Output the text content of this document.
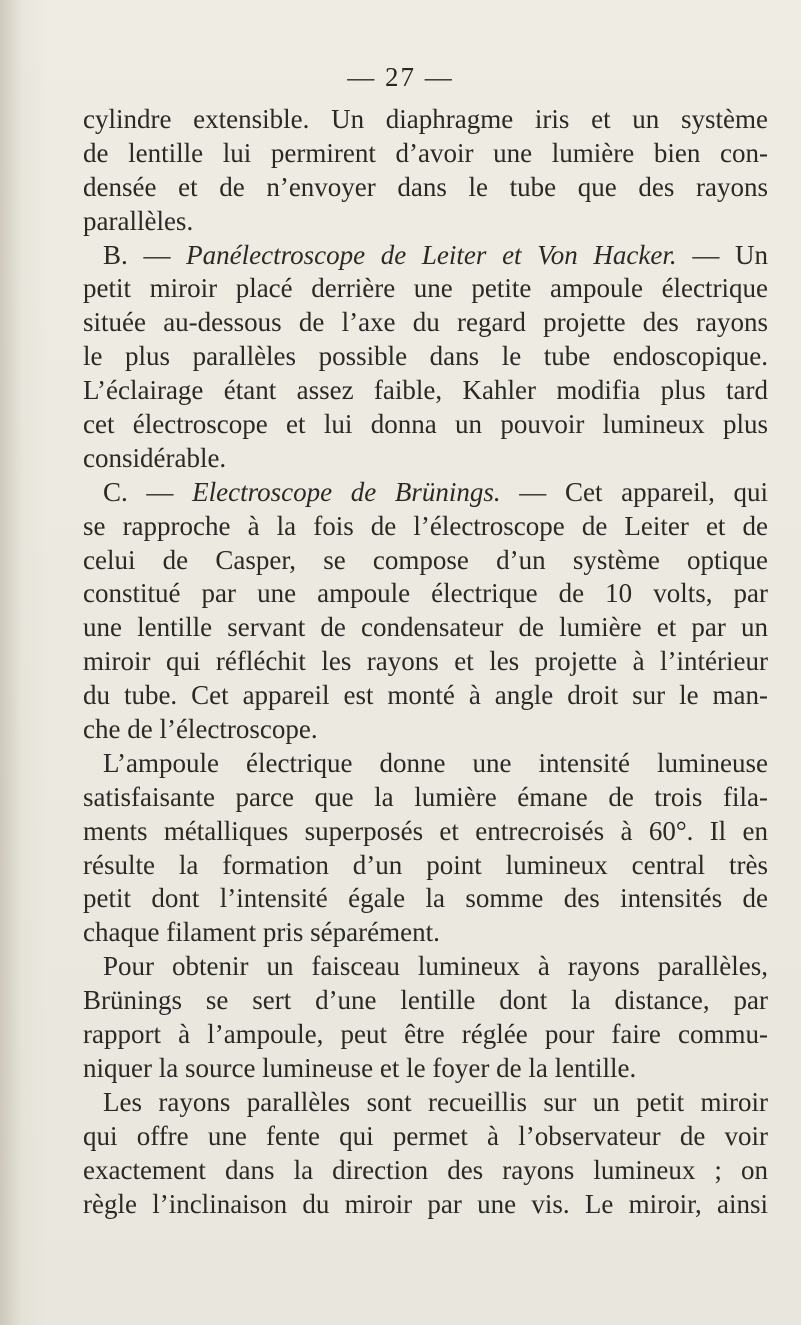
— 27 —
cylindre extensible. Un diaphragme iris et un système
de lentille lui permirent d’avoir une lumière bien con-
densée et de n’envoyer dans le tube que des rayons
parallèles.
B. — Panélectroscope de Leiter et Von Hacker. — Un
petit miroir placé derrière une petite ampoule électrique
située au-dessous de l’axe du regard projette des rayons
le plus parallèles possible dans le tube endoscopique.
L’éclairage étant assez faible, Kahler modifia plus tard
cet électroscope et lui donna un pouvoir lumineux plus
considérable.
C. — Electroscope de Brünings. — Cet appareil, qui
se rapproche à la fois de l’électroscope de Leiter et de
celui de Casper, se compose d’un système optique
constitué par une ampoule électrique de 10 volts, par
une lentille servant de condensateur de lumière et par un
miroir qui réfléchit les rayons et les projette à l’intérieur
du tube. Cet appareil est monté à angle droit sur le man-
che de l’électroscope.
L’ampoule électrique donne une intensité lumineuse
satisfaisante parce que la lumière émane de trois fila-
ments métalliques superposés et entrecroisés à 60°. Il en
résulte la formation d’un point lumineux central très
petit dont l’intensité égale la somme des intensités de
chaque filament pris séparément.
Pour obtenir un faisceau lumineux à rayons parallèles,
Brünings se sert d’une lentille dont la distance, par
rapport à l’ampoule, peut être réglée pour faire commu-
niquer la source lumineuse et le foyer de la lentille.
Les rayons parallèles sont recueillis sur un petit miroir
qui offre une fente qui permet à l’observateur de voir
exactement dans la direction des rayons lumineux ; on
règle l’inclinaison du miroir par une vis. Le miroir, ainsi
